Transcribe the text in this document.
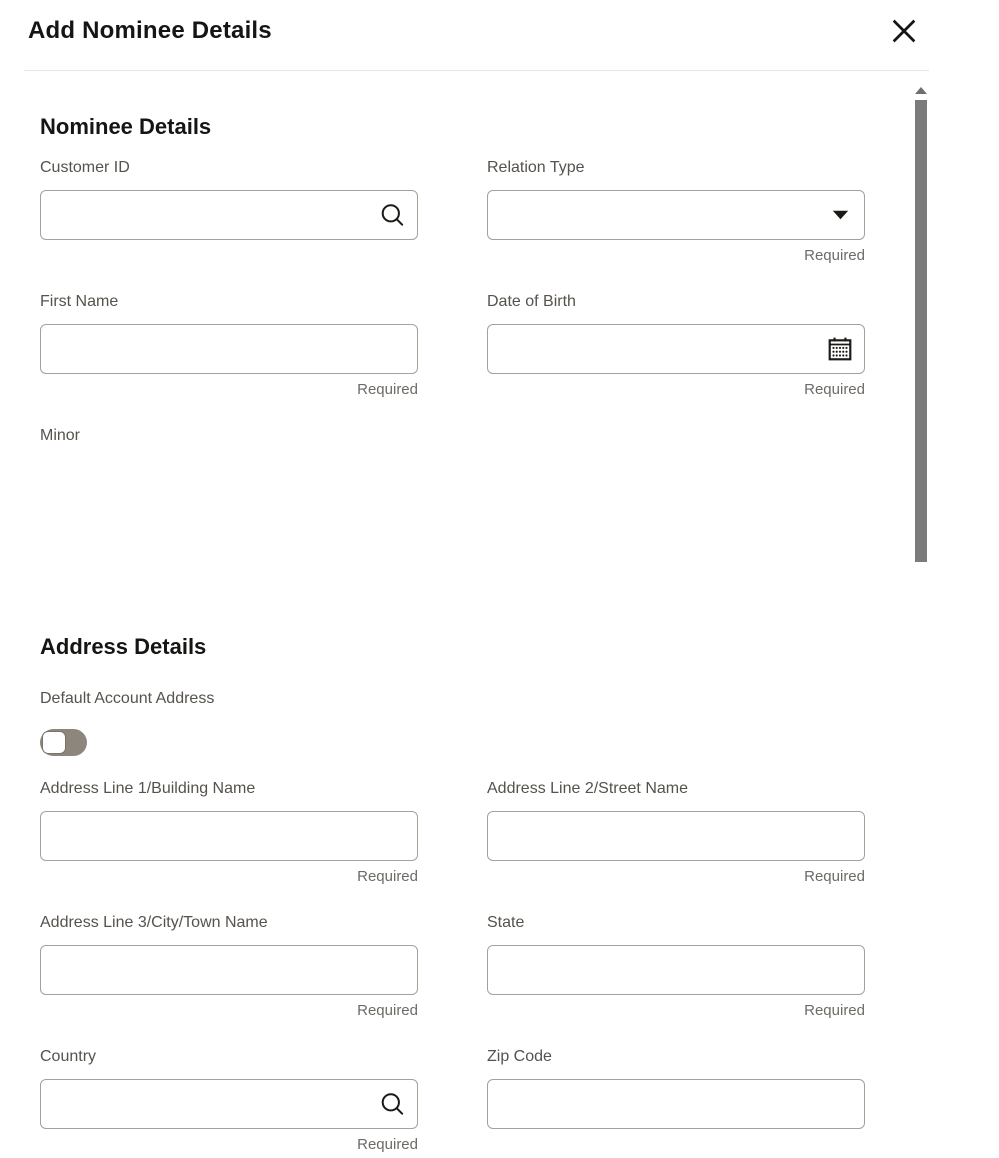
Add Nominee Details
Nominee Details
Customer ID	Relation Type
Required
First Name
Required
Date of Birth
Required
Minor
Address Details
Default Account Address
Address Line 1/Building Name
Required
Address Line 2/Street Name
Required
Address Line 3/City/Town Name
Required
State
Required
Country
Required
Zip Code
